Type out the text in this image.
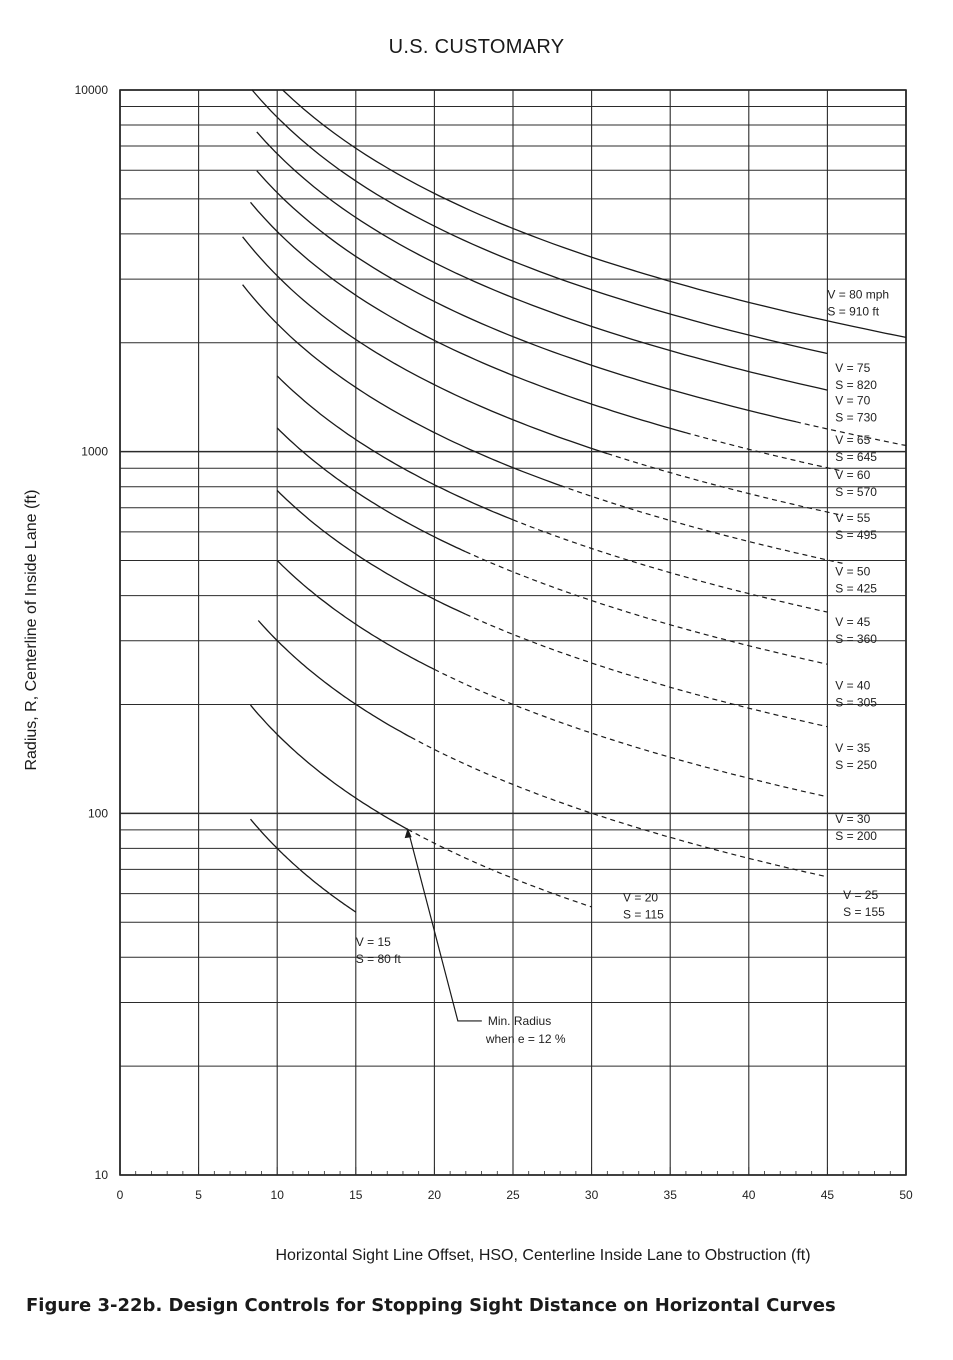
U.S. CUSTOMARY
0	5	10	15	20	25	30	35	40	45	50
10
100
1000
10000
V = 80 mph
S = 910 ft
V = 75
S = 820
V = 70
S = 730
V = 65
S = 645
V = 60
S = 570
V = 55
S = 495
V = 50
S = 425
V = 45
S = 360
V = 40
S = 305
V = 35
S = 250
V = 30
S = 200
V = 25
S = 155
V = 20
S = 115
V = 15
S = 80 ft
Min. Radius
when e = 12 %
Radius, R, Centerline of Inside Lane (ft)
Horizontal Sight Line Offset, HSO, Centerline Inside Lane to Obstruction (ft)
Figure 3-22b. Design Controls for Stopping Sight Distance on Horizontal Curves
